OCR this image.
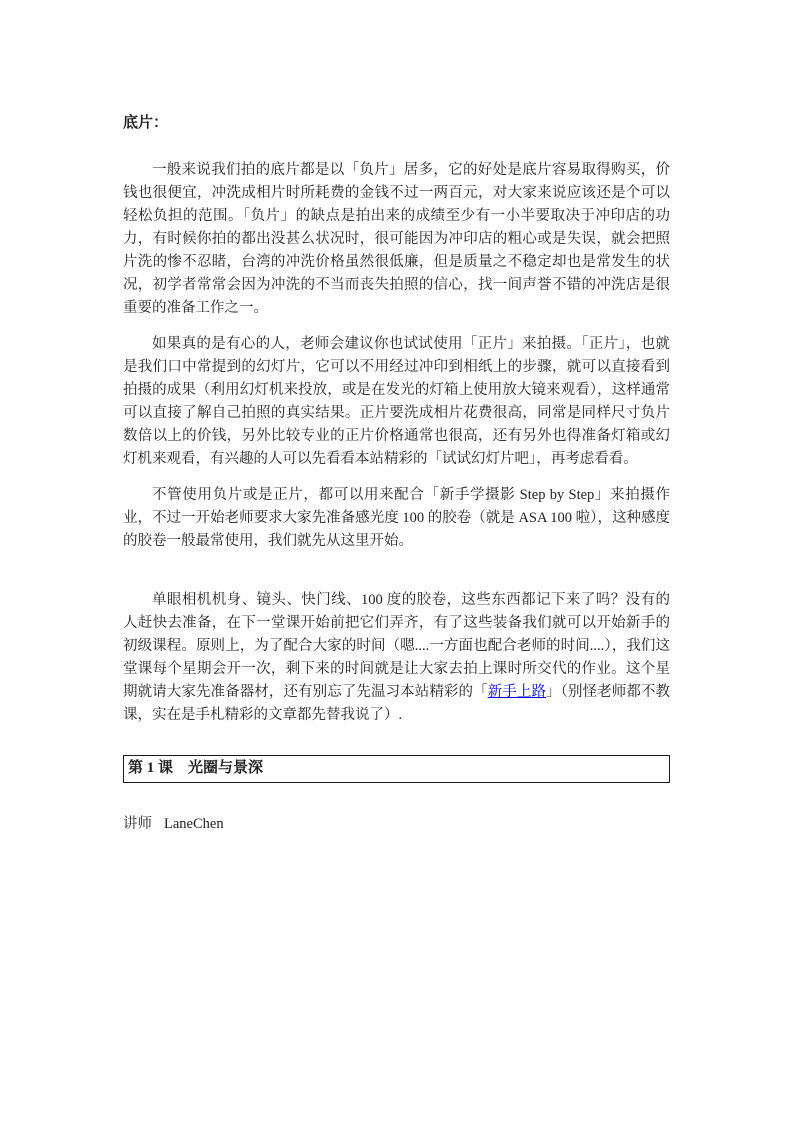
底片：

一般来说我们拍的底片都是以「负片」居多，它的好处是底片容易取得购买，价钱也很便宜，冲洗成相片时所耗费的金钱不过一两百元，对大家来说应该还是个可以轻松负担的范围。「负片」的缺点是拍出来的成绩至少有一小半要取决于冲印店的功力，有时候你拍的都出没甚么状况时，很可能因为冲印店的粗心或是失误，就会把照片洗的惨不忍睹，台湾的冲洗价格虽然很低廉，但是质量之不稳定却也是常发生的状况，初学者常常会因为冲洗的不当而丧失拍照的信心，找一间声誉不错的冲洗店是很重要的准备工作之一。

如果真的是有心的人，老师会建议你也试试使用「正片」来拍摄。「正片」，也就是我们口中常提到的幻灯片，它可以不用经过冲印到相纸上的步骤，就可以直接看到拍摄的成果（利用幻灯机来投放，或是在发光的灯箱上使用放大镜来观看），这样通常可以直接了解自己拍照的真实结果。正片要洗成相片花费很高，同常是同样尺寸负片数倍以上的价钱，另外比较专业的正片价格通常也很高，还有另外也得准备灯箱或幻灯机来观看，有兴趣的人可以先看看本站精彩的「试试幻灯片吧」，再考虑看看。

不管使用负片或是正片，都可以用来配合「新手学摄影 Step by Step」来拍摄作业，不过一开始老师要求大家先准备感光度 100 的胶卷（就是 ASA 100 啦），这种感度的胶卷一般最常使用，我们就先从这里开始。

单眼相机机身、镜头、快门线、100 度的胶卷，这些东西都记下来了吗？没有的人赶快去准备，在下一堂课开始前把它们弄齐，有了这些装备我们就可以开始新手的初级课程。原则上，为了配合大家的时间（嗯....一方面也配合老师的时间....），我们这堂课每个星期会开一次，剩下来的时间就是让大家去拍上课时所交代的作业。这个星期就请大家先准备器材，还有别忘了先温习本站精彩的「新手上路」（别怪老师都不教课，实在是手札精彩的文章都先替我说了）.

第 1 课　光圈与景深

讲师 LaneChen
